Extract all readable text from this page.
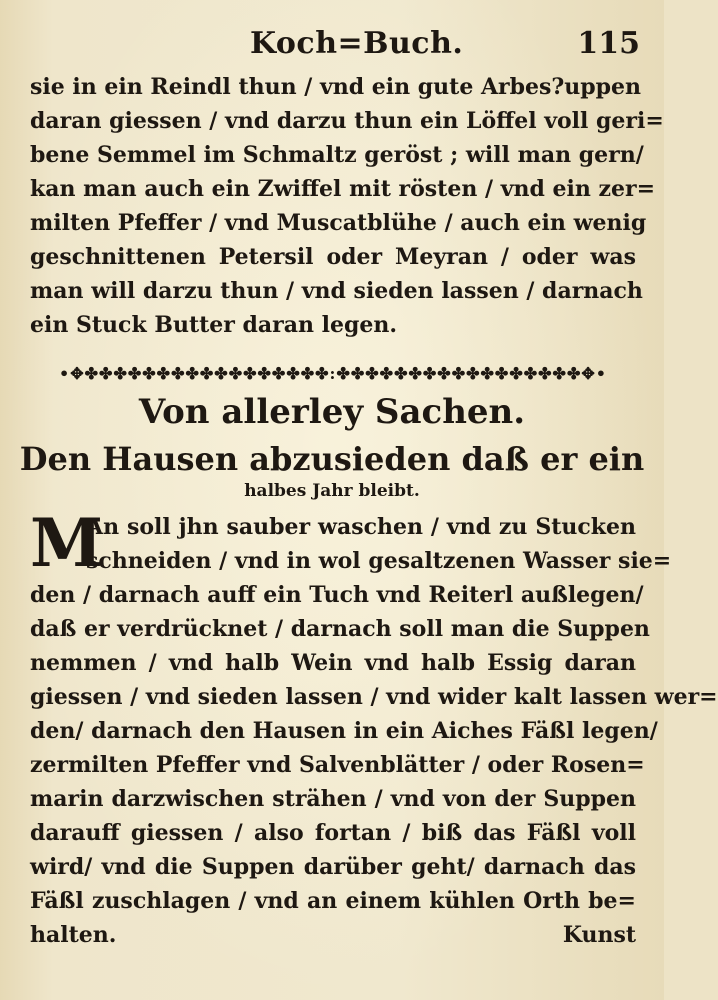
Koch=Buch.	115
sie in ein Reindl thun / vnd ein gute Arbes?uppen
daran giessen / vnd darzu thun ein Löffel voll geri=
bene Semmel im Schmaltz geröst ; will man gern/
kan man auch ein Zwiffel mit rösten / vnd ein zer=
milten Pfeffer / vnd Muscatblühe / auch ein wenig
geschnittenen Petersil oder Meyran / oder was
man will darzu thun / vnd sieden lassen / darnach
ein Stuck Butter daran legen.
•✥✤✤✤✤✤✤✤✤✤✤✤✤✤✤✤✤✤:✤✤✤✤✤✤✤✤✤✤✤✤✤✤✤✤✤✥•
Von allerley Sachen.
Den Hausen abzusieden daß er ein
halbes Jahr bleibt.
M
An soll jhn sauber waschen / vnd zu Stucken
schneiden / vnd in wol gesaltzenen Wasser sie=
den / darnach auff ein Tuch vnd Reiterl außlegen/
daß er verdrücknet / darnach soll man die Suppen
nemmen / vnd halb Wein vnd halb Essig daran
giessen / vnd sieden lassen / vnd wider kalt lassen wer=
den/ darnach den Hausen in ein Aiches Fäßl legen/
zermilten Pfeffer vnd Salvenblätter / oder Rosen=
marin darzwischen strähen / vnd von der Suppen
darauff giessen / also fortan / biß das Fäßl voll
wird/ vnd die Suppen darüber geht/ darnach das
Fäßl zuschlagen / vnd an einem kühlen Orth be=
halten.	Kunst
